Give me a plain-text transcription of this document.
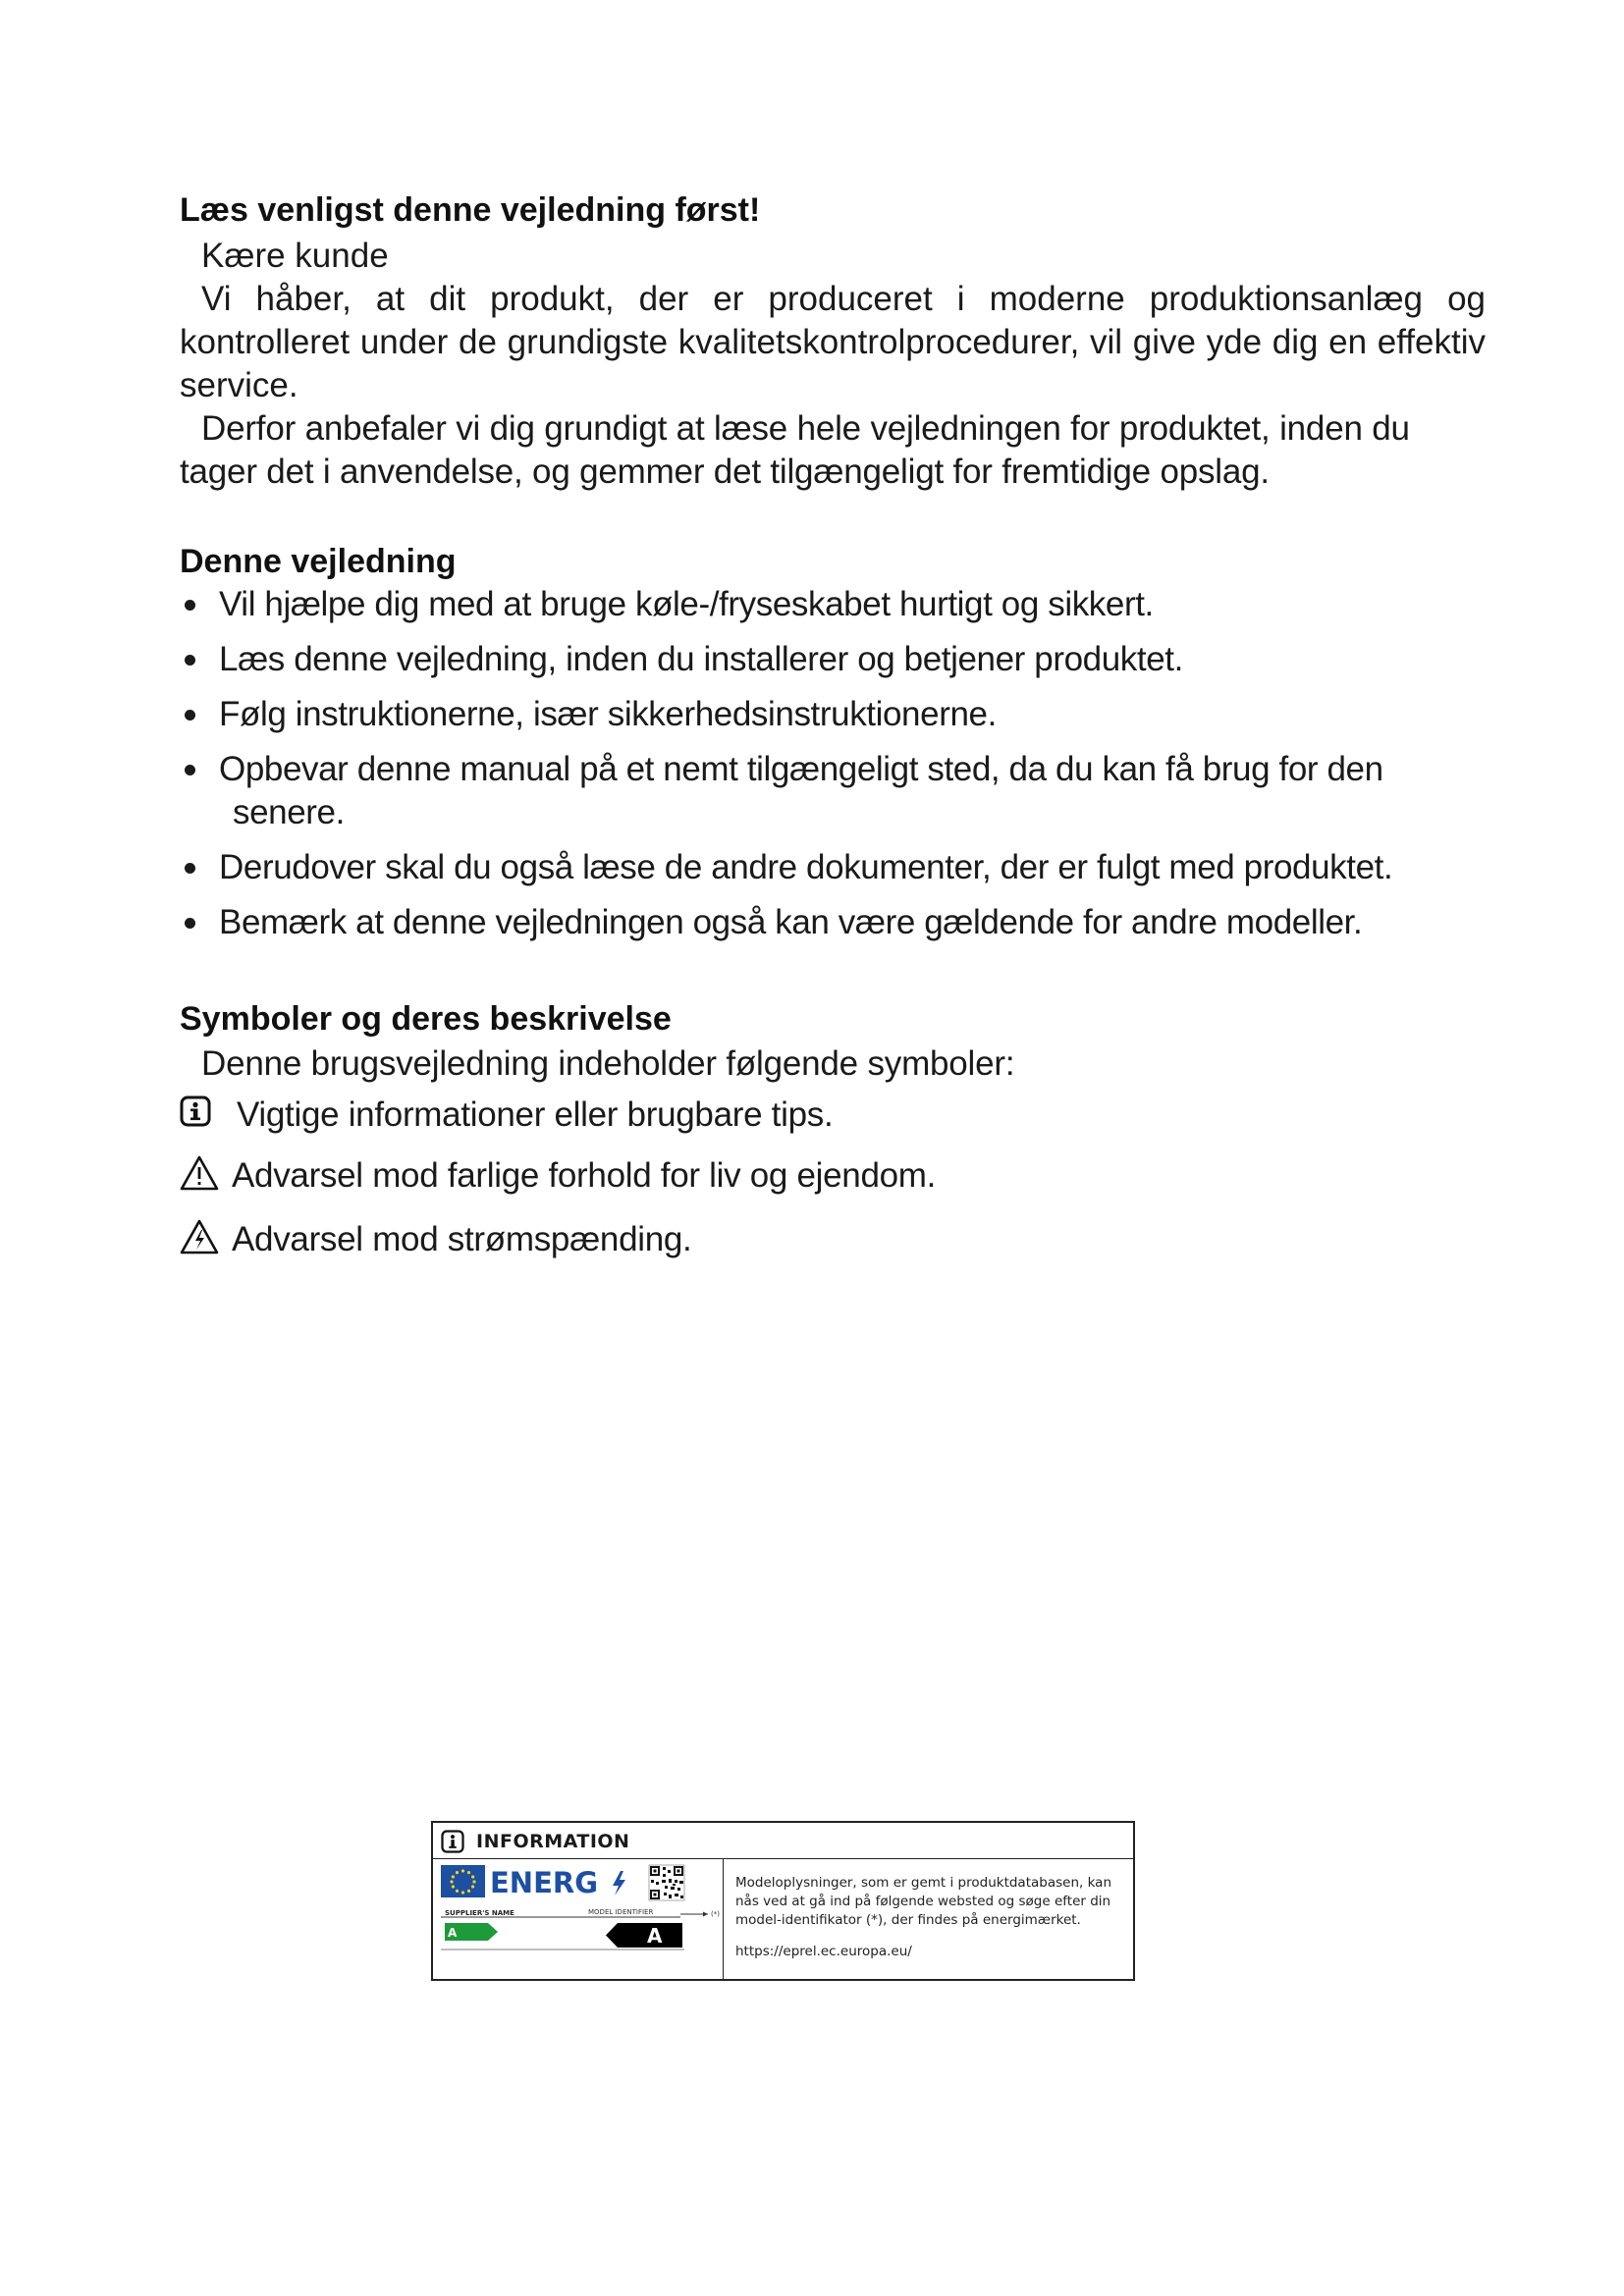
Læs venligst denne vejledning først!

Kære kunde

Vi håber, at dit produkt, der er produceret i moderne produktionsanlæg og kontrolleret under de grundigste kvalitetskontrolprocedurer, vil give yde dig en effektiv service.

Derfor anbefaler vi dig grundigt at læse hele vejledningen for produktet, inden du tager det i anvendelse, og gemmer det tilgængeligt for fremtidige opslag.

Denne vejledning
Vil hjælpe dig med at bruge køle-/fryseskabet hurtigt og sikkert.
Læs denne vejledning, inden du installerer og betjener produktet.
Følg instruktionerne, især sikkerhedsinstruktionerne.
Opbevar denne manual på et nemt tilgængeligt sted, da du kan få brug for den
senere.
Derudover skal du også læse de andre dokumenter, der er fulgt med produktet.
Bemærk at denne vejledningen også kan være gældende for andre modeller.
Symboler og deres beskrivelse

Denne brugsvejledning indeholder følgende symboler:

Vigtige informationer eller brugbare tips.
Advarsel mod farlige forhold for liv og ejendom.
Advarsel mod strømspænding.
INFORMATION
ENERG
SUPPLIER'S NAME	MODEL IDENTIFIER	(*)
A	A
Modeloplysninger, som er gemt i produktdatabasen, kan nås ved at gå ind på følgende websted og søge efter din model-identifikator (*), der findes på energimærket.
https://eprel.ec.europa.eu/
